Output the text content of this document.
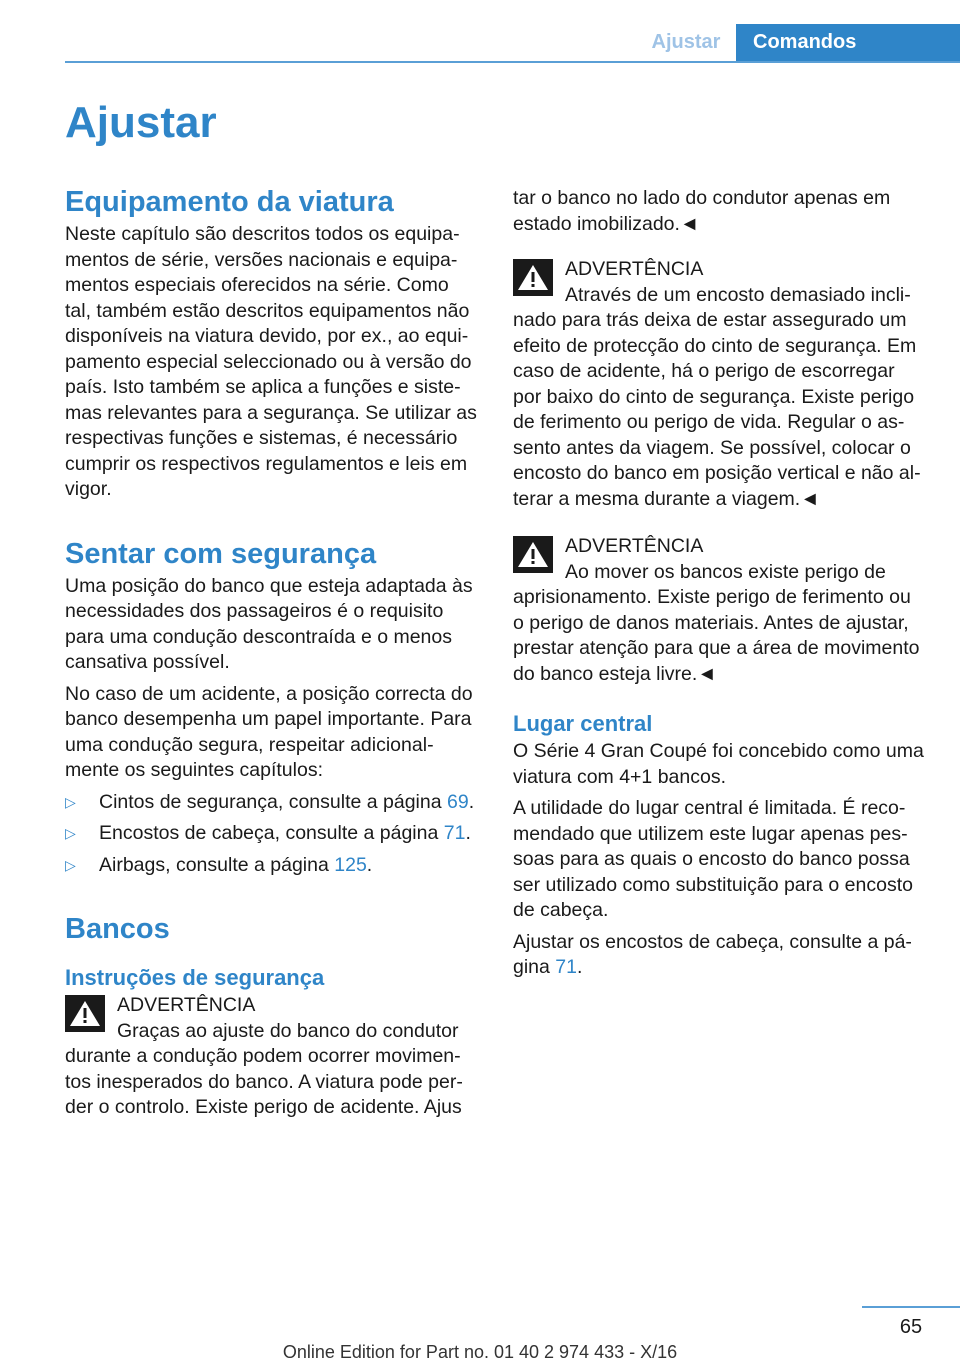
Ajustar	Comandos
Ajustar
Equipamento da viatura

Neste capítulo são descritos todos os equipamentos de série, versões nacionais e equipamentos especiais oferecidos na série. Como tal, também estão descritos equipamentos não disponíveis na viatura devido, por ex., ao equipamento especial seleccionado ou à versão do país. Isto também se aplica a funções e sistemas relevantes para a segurança. Se utilizar as respectivas funções e sistemas, é necessário cumprir os respectivos regulamentos e leis em vigor.

Sentar com segurança

Uma posição do banco que esteja adaptada às necessidades dos passageiros é o requisito para uma condução descontraída e o menos cansativa possível.

No caso de um acidente, a posição correcta do banco desempenha um papel importante. Para uma condução segura, respeitar adicionalmente os seguintes capítulos:

▷ Cintos de segurança, consulte a página 69.
▷ Encostos de cabeça, consulte a página 71.
▷ Airbags, consulte a página 125.
Bancos
Instruções de segurança
ADVERTÊNCIA
Graças ao ajuste do banco do condutor durante a condução podem ocorrer movimentos inesperados do banco. A viatura pode perder o controlo. Existe perigo de acidente. Ajus

tar o banco no lado do condutor apenas em estado imobilizado.◄

ADVERTÊNCIA
Através de um encosto demasiado inclinado para trás deixa de estar assegurado um efeito de protecção do cinto de segurança. Em caso de acidente, há o perigo de escorregar por baixo do cinto de segurança. Existe perigo de ferimento ou perigo de vida. Regular o assento antes da viagem. Se possível, colocar o encosto do banco em posição vertical e não alterar a mesma durante a viagem.◄
ADVERTÊNCIA
Ao mover os bancos existe perigo de aprisionamento. Existe perigo de ferimento ou o perigo de danos materiais. Antes de ajustar, prestar atenção para que a área de movimento do banco esteja livre.◄
Lugar central

O Série 4 Gran Coupé foi concebido como uma viatura com 4+1 bancos.

A utilidade do lugar central é limitada. É recomendado que utilizem este lugar apenas pessoas para as quais o encosto do banco possa ser utilizado como substituição para o encosto de cabeça.

Ajustar os encostos de cabeça, consulte a página 71.

65
Online Edition for Part no. 01 40 2 974 433 - X/16
